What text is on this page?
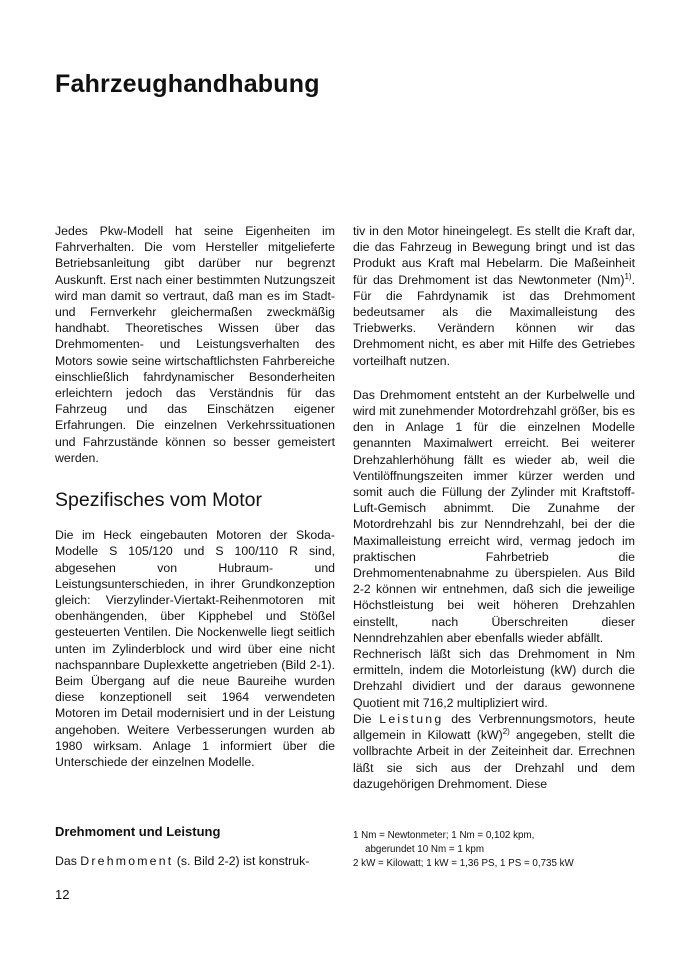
Fahrzeughandhabung

Jedes Pkw-Modell hat seine Eigenheiten im Fahrverhalten. Die vom Hersteller mitgelieferte Betriebsanleitung gibt darüber nur begrenzt Auskunft. Erst nach einer bestimmten Nutzungszeit wird man damit so vertraut, daß man es im Stadt- und Fernverkehr gleichermaßen zweckmäßig handhabt. Theoretisches Wissen über das Drehmomenten- und Leistungsverhalten des Motors sowie seine wirtschaftlichsten Fahrbereiche einschließlich fahrdynamischer Besonderheiten erleichtern jedoch das Verständnis für das Fahrzeug und das Einschätzen eigener Erfahrungen. Die einzelnen Verkehrssituationen und Fahrzustände können so besser gemeistert werden.

Spezifisches vom Motor

Die im Heck eingebauten Motoren der Skoda-Modelle S 105/120 und S 100/110 R sind, abgesehen von Hubraum- und Leistungsunterschieden, in ihrer Grundkonzeption gleich: Vierzylinder-Viertakt-Reihenmotoren mit obenhängenden, über Kipphebel und Stößel gesteuerten Ventilen. Die Nockenwelle liegt seitlich unten im Zylinderblock und wird über eine nicht nachspannbare Duplexkette angetrieben (Bild 2-1). Beim Übergang auf die neue Baureihe wurden diese konzeptionell seit 1964 verwendeten Motoren im Detail modernisiert und in der Leistung angehoben. Weitere Verbesserungen wurden ab 1980 wirksam. Anlage 1 informiert über die Unterschiede der einzelnen Modelle.

Drehmoment und Leistung
Das Drehmoment (s. Bild 2-2) ist konstruk-

tiv in den Motor hineingelegt. Es stellt die Kraft dar, die das Fahrzeug in Bewegung bringt und ist das Produkt aus Kraft mal Hebelarm. Die Maßeinheit für das Drehmoment ist das Newtonmeter $(Nm)^{1)}$. Für die Fahrdynamik ist das Drehmoment bedeutsamer als die Maximalleistung des Triebwerks. Verändern können wir das Drehmoment nicht, es aber mit Hilfe des Getriebes vorteilhaft nutzen.

Das Drehmoment entsteht an der Kurbelwelle und wird mit zunehmender Motordrehzahl größer, bis es den in Anlage 1 für die einzelnen Modelle genannten Maximalwert erreicht. Bei weiterer Drehzahlerhöhung fällt es wieder ab, weil die Ventilöffnungszeiten immer kürzer werden und somit auch die Füllung der Zylinder mit Kraftstoff-Luft-Gemisch abnimmt. Die Zunahme der Motordrehzahl bis zur Nenndrehzahl, bei der die Maximalleistung erreicht wird, vermag jedoch im praktischen Fahrbetrieb die Drehmomentenabnahme zu überspielen. Aus Bild 2-2 können wir entnehmen, daß sich die jeweilige Höchstleistung bei weit höheren Drehzahlen einstellt, nach Überschreiten dieser Nenndrehzahlen aber ebenfalls wieder abfällt.

Rechnerisch läßt sich das Drehmoment in Nm ermitteln, indem die Motorleistung (kW) durch die Drehzahl dividiert und der daraus gewonnene Quotient mit 716,2 multipliziert wird.

Die Leistung des Verbrennungsmotors, heute allgemein in Kilowatt (kW)$^{2)}$ angegeben, stellt die vollbrachte Arbeit in der Zeiteinheit dar. Errechnen läßt sie sich aus der Drehzahl und dem dazugehörigen Drehmoment. Diese

1 Nm = Newtonmeter; 1 Nm = 0,102 kpm,
abgerundet 10 Nm = 1 kpm
2 kW = Kilowatt; 1 kW = 1,36 PS, 1 PS = 0,735 kW
12
